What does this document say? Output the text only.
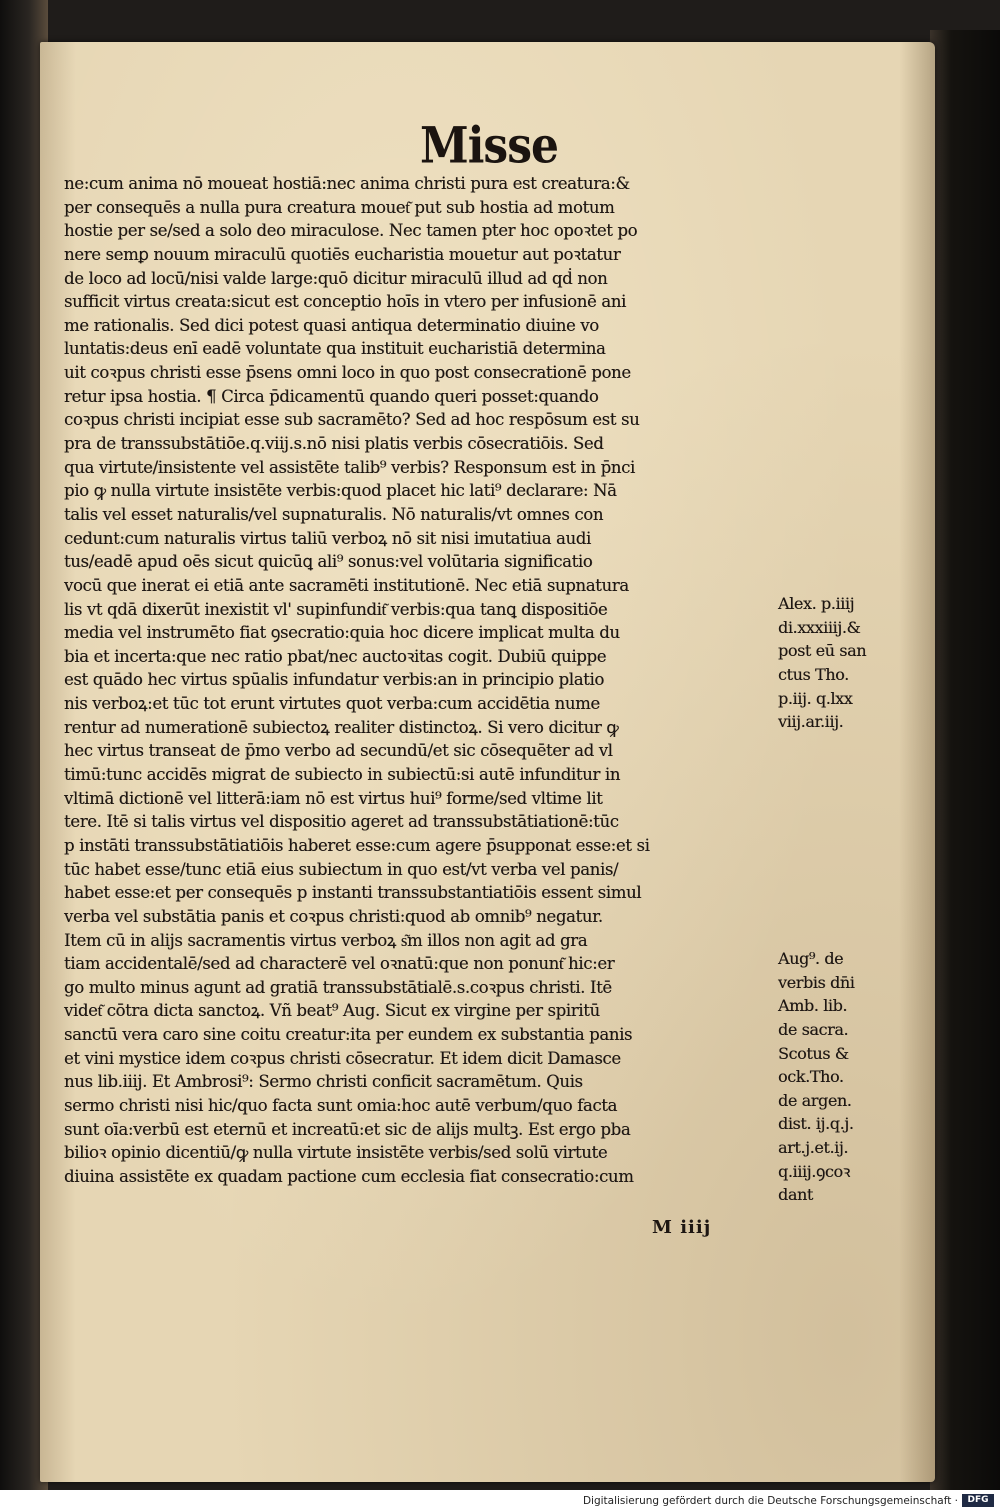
Misse
ne:cum anima nō moueat hostiā:nec anima christi pura est creatura:&
per consequēs a nulla pura creatura mouet͂ put sub hostia ad motum
hostie per se/sed a solo deo miraculose. Nec tamen pter hoc opoꝛtet po
nere semꝑ nouum miraculū quotiēs eucharistia mouetur aut poꝛtatur
de loco ad locū/nisi valde large:quō dicitur miraculū illud ad qḋ non
sufficit virtus creata:sicut est conceptio hoīs in vtero per infusionē ani
me rationalis. Sed dici potest quasi antiqua determinatio diuine vo
luntatis:deus enī eadē voluntate qua instituit eucharistiā determina
uit coꝛpus christi esse p̄sens omni loco in quo post consecrationē pone
retur ipsa hostia. ¶ Circa p̄dicamentū quando queri posset:quando
coꝛpus christi incipiat esse sub sacramēto? Sed ad hoc respōsum est su
pra de transsubstātiōe.q.viij.s.nō nisi platis verbis cōsecratiōis. Sed
qua virtute/insistente vel assistēte talib⁹ verbis? Responsum est in p̄nci
pio ꝙ nulla virtute insistēte verbis:quod placet hic lati⁹ declarare: Nā
talis vel esset naturalis/vel supnaturalis. Nō naturalis/vt omnes con
cedunt:cum naturalis virtus taliū verboꝝ nō sit nisi imutatiua audi
tus/eadē apud oēs sicut quicūꝗ ali⁹ sonus:vel volūtaria significatio
vocū que inerat ei etiā ante sacramēti institutionē. Nec etiā supnatura
lis vt qdā dixerūt inexistit vl' supinfundit͂ verbis:qua tanꝗ dispositiōe
media vel instrumēto fiat ꝯsecratio:quia hoc dicere implicat multa du
bia et incerta:que nec ratio pbat/nec auctoꝛitas cogit. Dubiū quippe
est quādo hec virtus spūalis infundatur verbis:an in principio platio
nis verboꝝ:et tūc tot erunt virtutes quot verba:cum accidētia nume
rentur ad numerationē subiectoꝝ realiter distinctoꝝ. Si vero dicitur ꝙ
hec virtus transeat de p̄mo verbo ad secundū/et sic cōsequēter ad vl
timū:tunc accidēs migrat de subiecto in subiectū:si autē infunditur in
vltimā dictionē vel litterā:iam nō est virtus hui⁹ forme/sed vltime lit
tere. Itē si talis virtus vel dispositio ageret ad transsubstātiationē:tūc
p instāti transsubstātiatiōis haberet esse:cum agere p̄supponat esse:et si
tūc habet esse/tunc etiā eius subiectum in quo est/vt verba vel panis/
habet esse:et per consequēs p instanti transsubstantiatiōis essent simul
verba vel substātia panis et coꝛpus christi:quod ab omnib⁹ negatur.
Item cū in alijs sacramentis virtus verboꝝ s͂m illos non agit ad gra
tiam accidentalē/sed ad characterē vel oꝛnatū:que non ponunt͂ hic:er
go multo minus agunt ad gratiā transsubstātialē.s.coꝛpus christi. Itē
videt͂ cōtra dicta sanctoꝝ. Vñ beat⁹ Aug. Sicut ex virgine per spiritū
sanctū vera caro sine coitu creatur:ita per eundem ex substantia panis
et vini mystice idem coꝛpus christi cōsecratur. Et idem dicit Damasce
nus lib.iiij. Et Ambrosi⁹: Sermo christi conficit sacramētum. Quis
sermo christi nisi hic/quo facta sunt omia:hoc autē verbum/quo facta
sunt oīa:verbū est eternū et increatū:et sic de alijs multꝫ. Est ergo pba
bilioꝛ opinio dicentiū/ꝙ nulla virtute insistēte verbis/sed solū virtute
diuina assistēte ex quadam pactione cum ecclesia fiat consecratio:cum
Alex. p.iiij
di.xxxiiij.&
post eū san
ctus Tho.
p.iij. q.lxx
viij.ar.iij.
Aug⁹. de
verbis dn̄i
Amb. lib.
de sacra.
Scotus &
ock.Tho.
de argen.
dist. ij.q.j.
art.j.et.ij.
q.iiij.ꝯcoꝛ
dant
M iiij
Digitalisierung gefördert durch die Deutsche Forschungsgemeinschaft ·	DFG
